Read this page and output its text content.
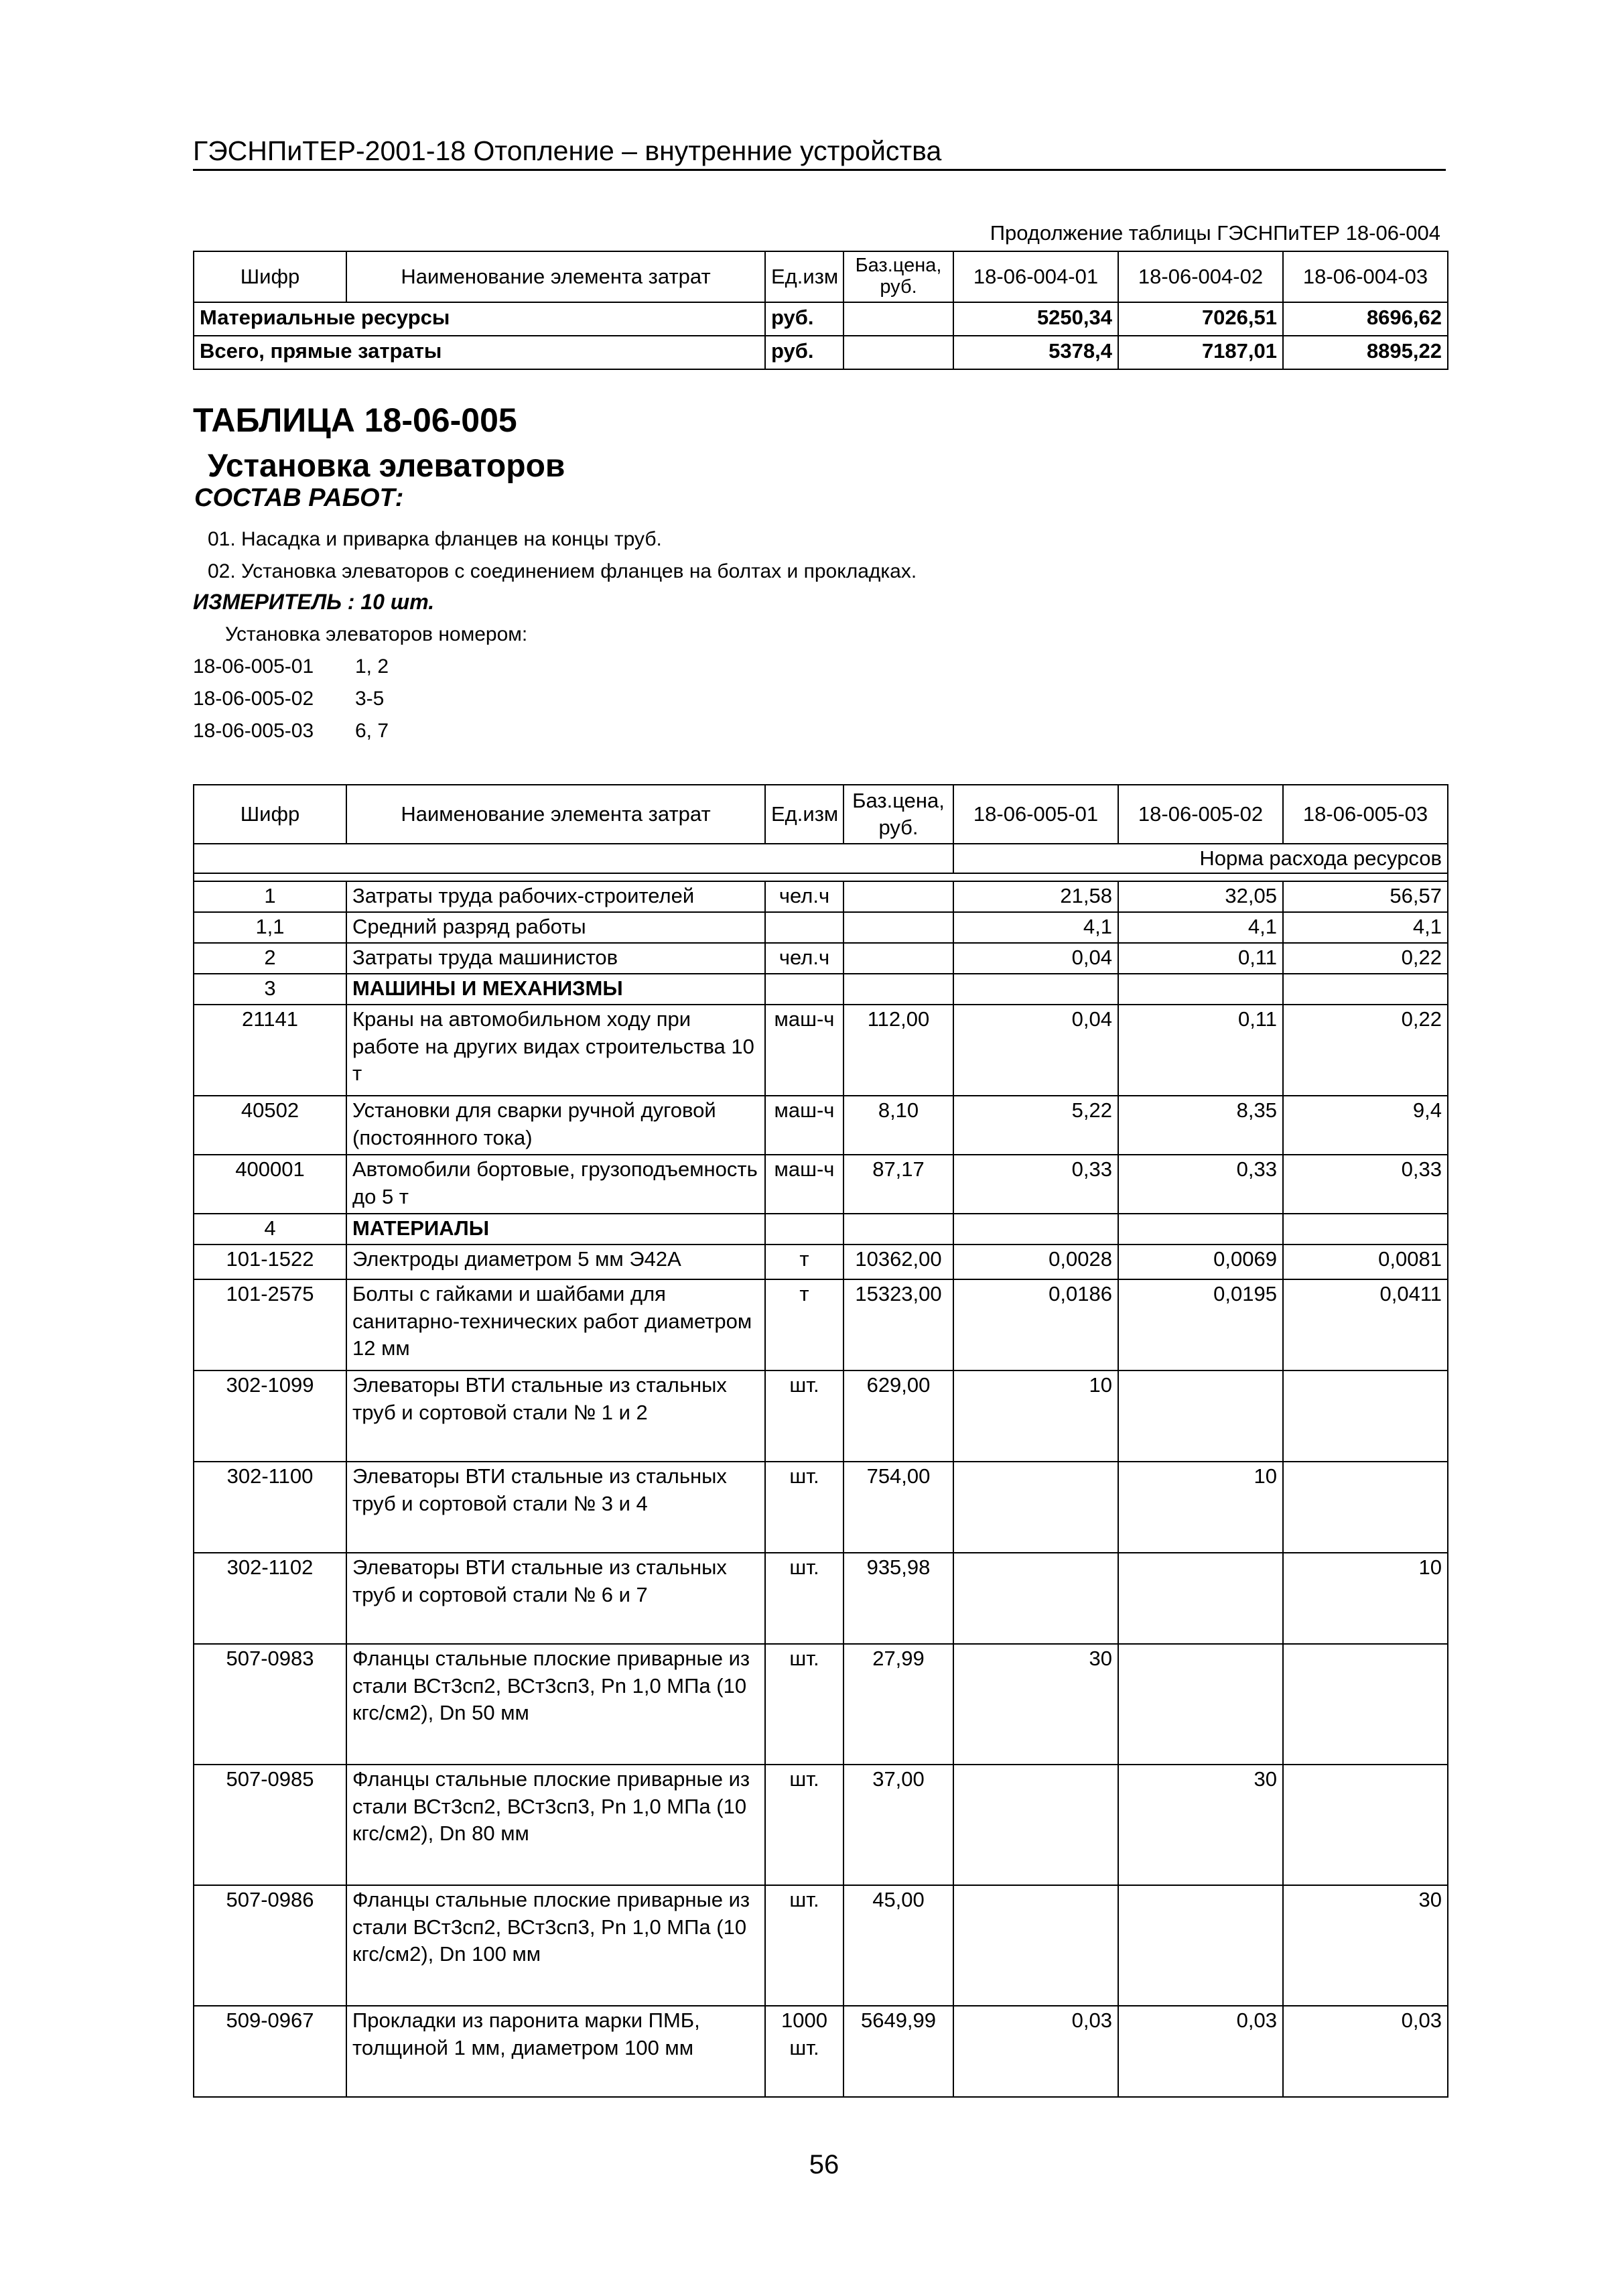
ГЭСНПиТЕР-2001-18 Отопление – внутренние устройства
Продолжение таблицы ГЭСНПиТЕР 18-06-004
Шифр	Наименование элемента затрат	Ед.изм	Баз.цена, руб.	18-06-004-01	18-06-004-02	18-06-004-03
Материальные ресурсы		руб.		5250,34	7026,51	8696,62
Всего, прямые затраты		руб.		5378,4	7187,01	8895,22
ТАБЛИЦА 18-06-005
Установка элеваторов
СОСТАВ РАБОТ:
01. Насадка и приварка фланцев на концы труб.
02. Установка элеваторов с соединением фланцев на болтах и прокладках.
ИЗМЕРИТЕЛЬ : 10 шт.
Установка элеваторов номером:
18-06-005-01 1, 2
18-06-005-02 3-5
18-06-005-03 6, 7
Шифр	Наименование элемента затрат	Ед.изм	Баз.цена, руб.	18-06-005-01	18-06-005-02	18-06-005-03
				Норма расхода ресурсов		

1	Затраты труда рабочих-строителей	чел.ч		21,58	32,05	56,57
1,1	Средний разряд работы			4,1	4,1	4,1
2	Затраты труда машинистов	чел.ч		0,04	0,11	0,22
3	МАШИНЫ И МЕХАНИЗМЫ					
21141	Краны на автомобильном ходу при работе на других видах строительства 10 т	маш-ч	112,00	0,04	0,11	0,22
40502	Установки для сварки ручной дуговой (постоянного тока)	маш-ч	8,10	5,22	8,35	9,4
400001	Автомобили бортовые, грузоподъемность до 5 т	маш-ч	87,17	0,33	0,33	0,33
4	МАТЕРИАЛЫ					
101-1522	Электроды диаметром 5 мм Э42А	т	10362,00	0,0028	0,0069	0,0081
101-2575	Болты с гайками и шайбами для санитарно-технических работ диаметром 12 мм	т	15323,00	0,0186	0,0195	0,0411
302-1099	Элеваторы ВТИ стальные из стальных труб и сортовой стали № 1 и 2	шт.	629,00	10		
302-1100	Элеваторы ВТИ стальные из стальных труб и сортовой стали № 3 и 4	шт.	754,00		10	
302-1102	Элеваторы ВТИ стальные из стальных труб и сортовой стали № 6 и 7	шт.	935,98			10
507-0983	Фланцы стальные плоские приварные из стали ВСт3сп2, ВСт3сп3, Рn 1,0 МПа (10 кгс/см2), Dn 50 мм	шт.	27,99	30		
507-0985	Фланцы стальные плоские приварные из стали ВСт3сп2, ВСт3сп3, Рn 1,0 МПа (10 кгс/см2), Dn 80 мм	шт.	37,00		30	
507-0986	Фланцы стальные плоские приварные из стали ВСт3сп2, ВСт3сп3, Рn 1,0 МПа (10 кгс/см2), Dn 100 мм	шт.	45,00			30
509-0967	Прокладки из паронита марки ПМБ, толщиной 1 мм, диаметром 100 мм	1000 шт.	5649,99	0,03	0,03	0,03
56
